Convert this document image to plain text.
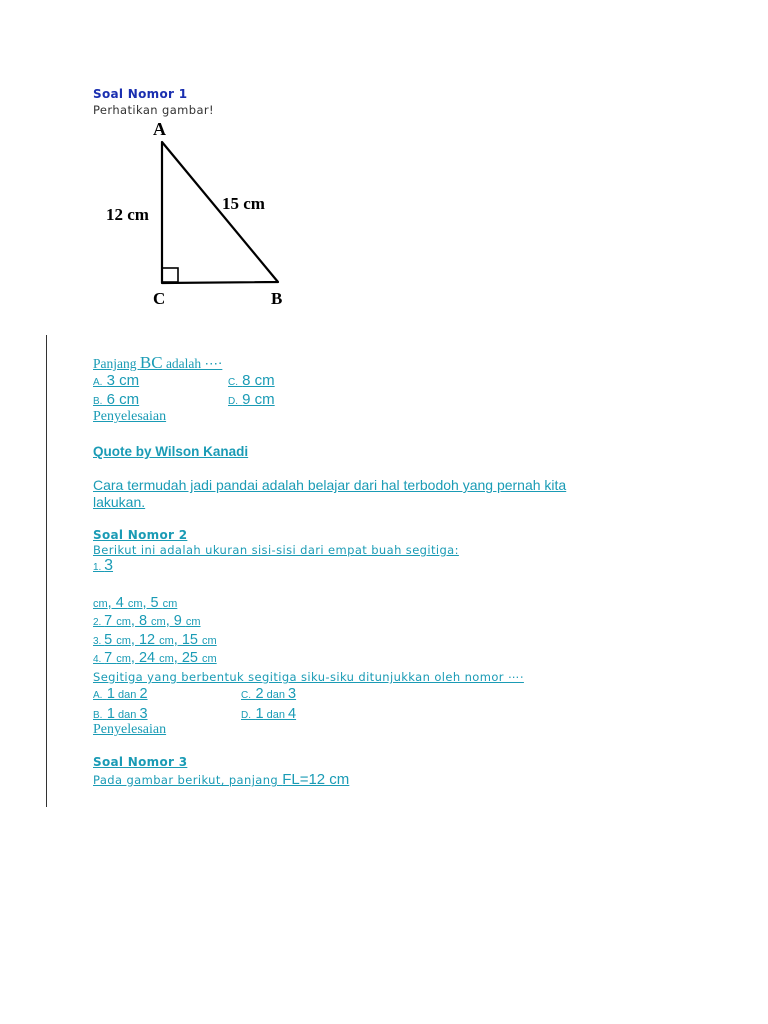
Soal Nomor 1
Perhatikan gambar!
A
C	B
12 cm
15 cm
Panjang BC adalah ⋯⋅
A. 3 cm	C. 8 cm
B. 6 cm	D. 9 cm
Penyelesaian
Quote by Wilson Kanadi
Cara termudah jadi pandai adalah belajar dari hal terbodoh yang pernah kita
lakukan.
Soal Nomor 2
Berikut ini adalah ukuran sisi-sisi dari empat buah segitiga:
1. 3
cm, 4 cm, 5 cm
2. 7 cm, 8 cm, 9 cm
3. 5 cm, 12 cm, 15 cm
4. 7 cm, 24 cm, 25 cm
Segitiga yang berbentuk segitiga siku-siku ditunjukkan oleh nomor ⋯⋅
A. 1 dan 2	C. 2 dan 3
B. 1 dan 3	D. 1 dan 4
Penyelesaian
Soal Nomor 3
Pada gambar berikut, panjang FL=12 cm
